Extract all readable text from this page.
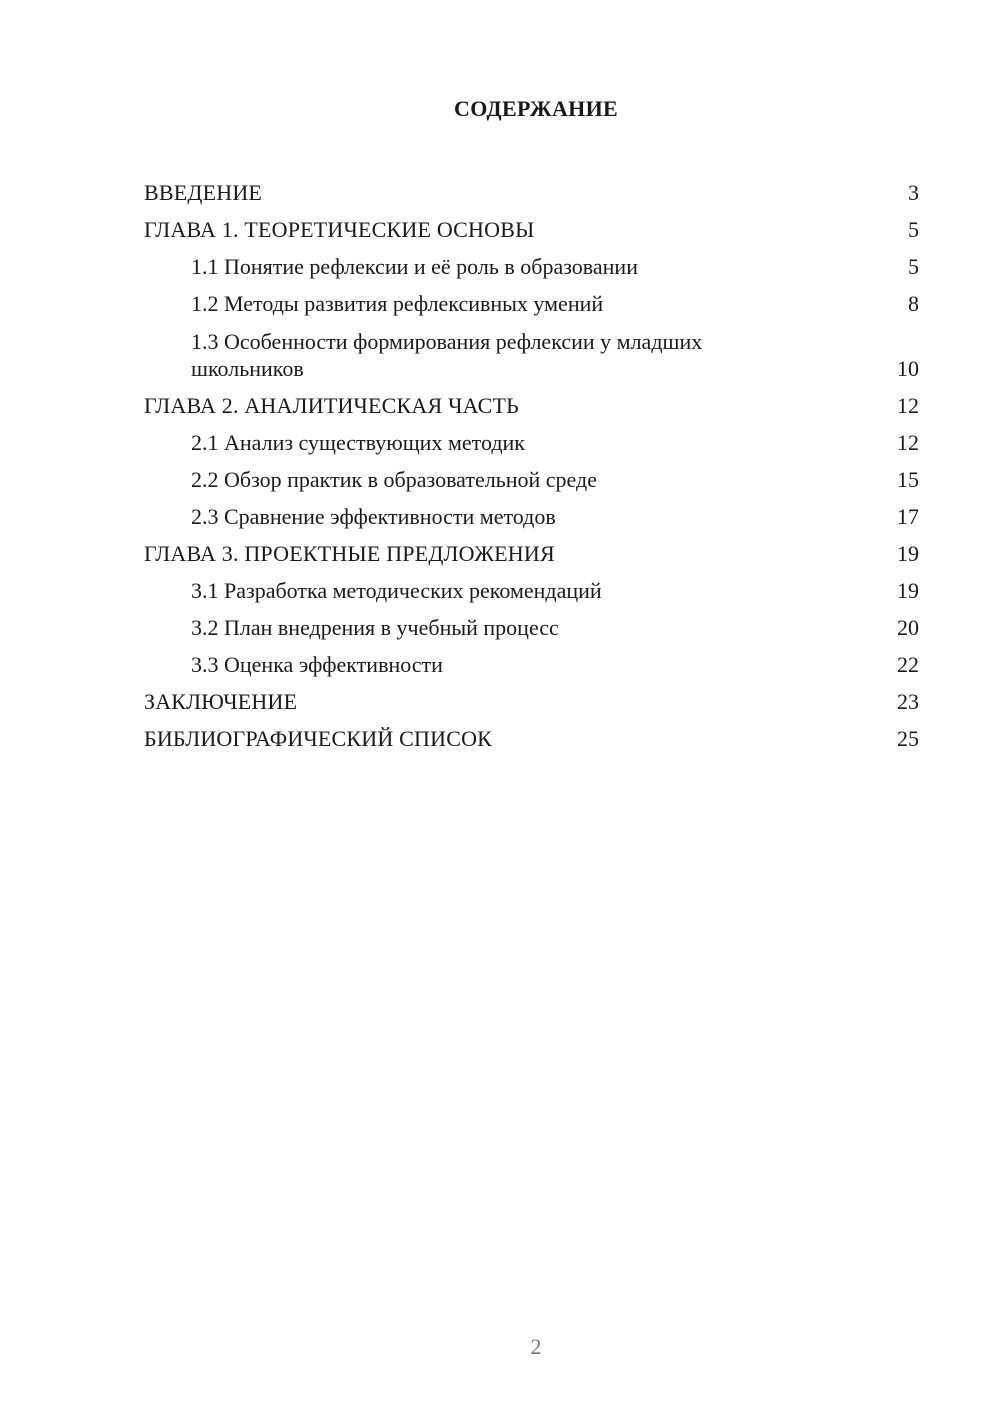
СОДЕРЖАНИЕ
ВВЕДЕНИЕ	3
ГЛАВА 1. ТЕОРЕТИЧЕСКИЕ ОСНОВЫ	5
1.1 Понятие рефлексии и её роль в образовании	5
1.2 Методы развития рефлексивных умений	8
1.3 Особенности формирования рефлексии у младших школьников	10
ГЛАВА 2. АНАЛИТИЧЕСКАЯ ЧАСТЬ	12
2.1 Анализ существующих методик	12
2.2 Обзор практик в образовательной среде	15
2.3 Сравнение эффективности методов	17
ГЛАВА 3. ПРОЕКТНЫЕ ПРЕДЛОЖЕНИЯ	19
3.1 Разработка методических рекомендаций	19
3.2 План внедрения в учебный процесс	20
3.3 Оценка эффективности	22
ЗАКЛЮЧЕНИЕ	23
БИБЛИОГРАФИЧЕСКИЙ СПИСОК	25
2
